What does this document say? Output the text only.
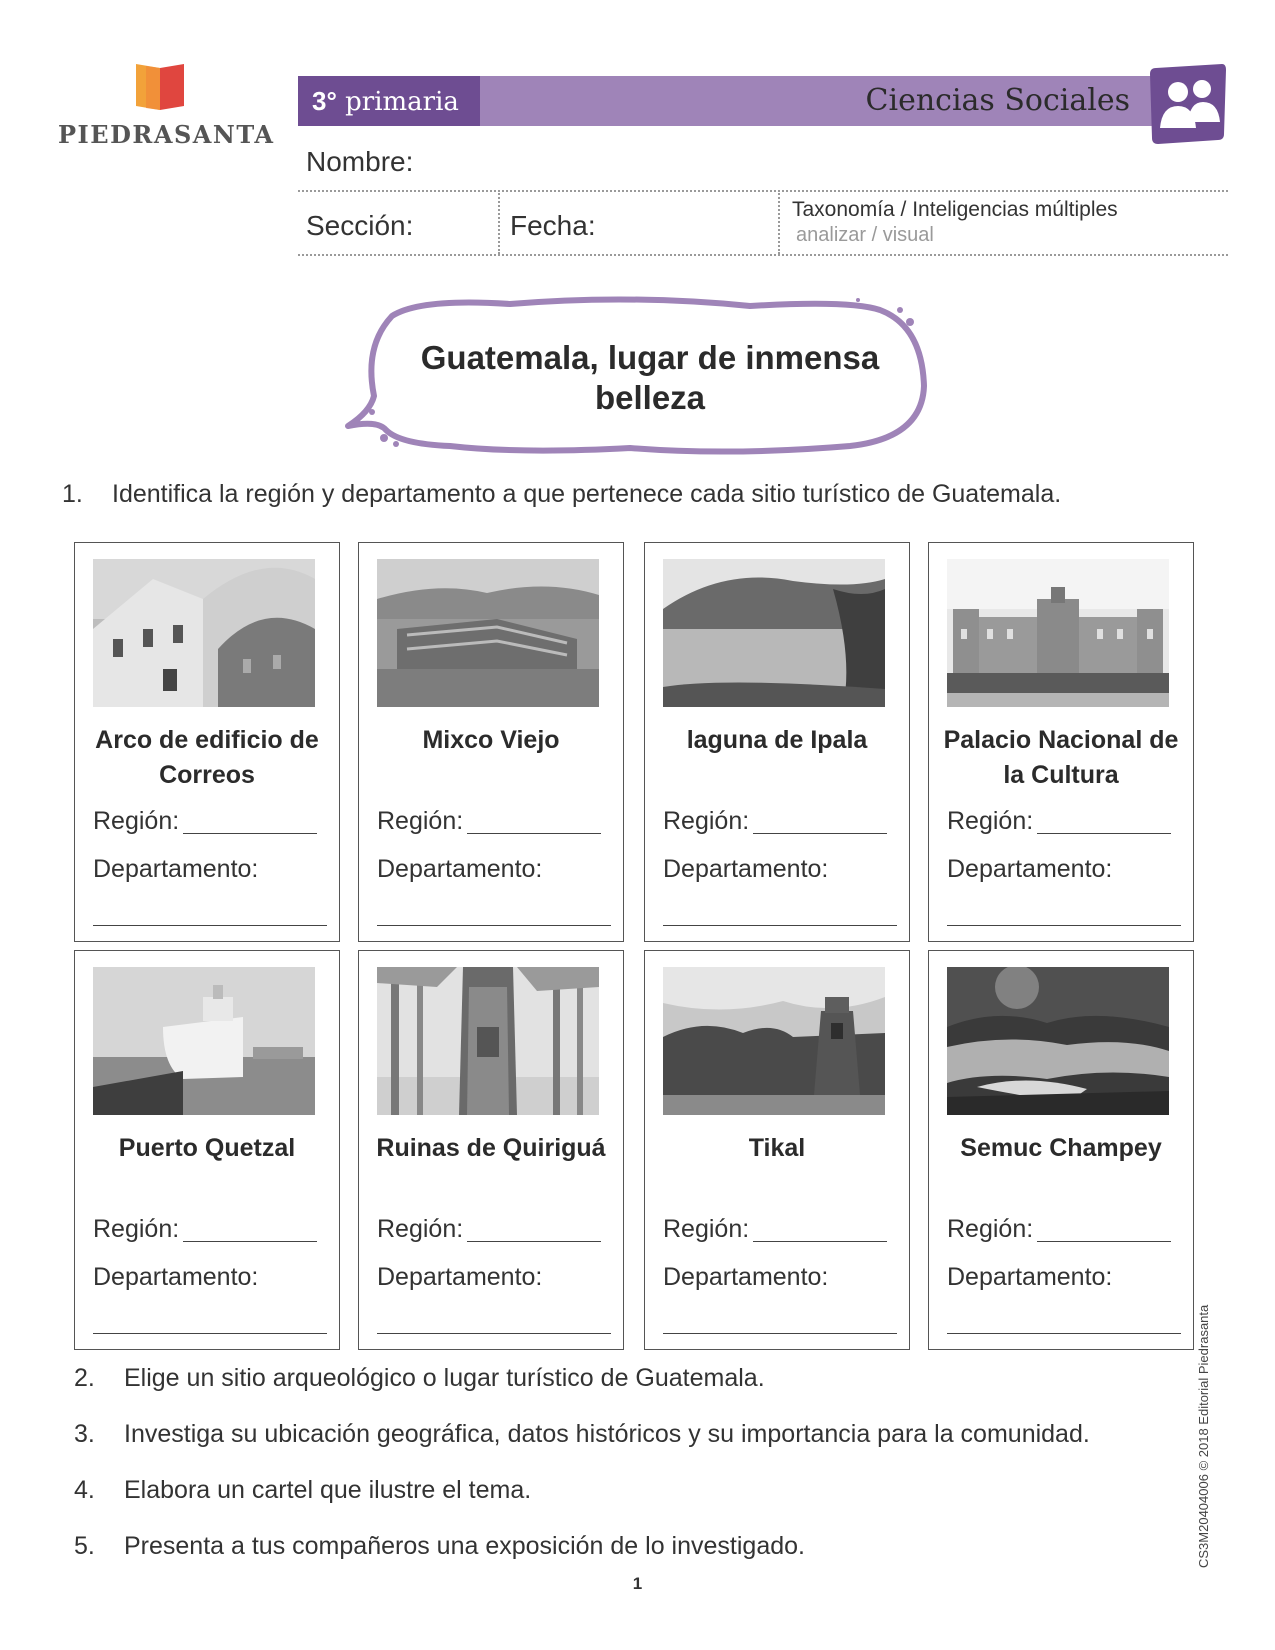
PIEDRASANTA
3° primaria	Ciencias Sociales
Nombre:
Sección:	Fecha:
Taxonomía / Inteligencias múltiples
analizar / visual
Guatemala, lugar de inmensa
belleza
1. Identifica la región y departamento a que pertenece cada sitio turístico de Guatemala.
Arco de edificio de Correos
Región:
Departamento:
Mixco Viejo
Región:
Departamento:
laguna de Ipala
Región:
Departamento:
Palacio Nacional de la Cultura
Región:
Departamento:
Puerto Quetzal
Región:
Departamento:
Ruinas de Quiriguá
Región:
Departamento:
Tikal
Región:
Departamento:
Semuc Champey
Región:
Departamento:
2. Elige un sitio arqueológico o lugar turístico de Guatemala.
3. Investiga su ubicación geográfica, datos históricos y su importancia para la comunidad.
4. Elabora un cartel que ilustre el tema.
5. Presenta a tus compañeros una exposición de lo investigado.	CS3M20404006 © 2018 Editorial Piedrasanta
1
